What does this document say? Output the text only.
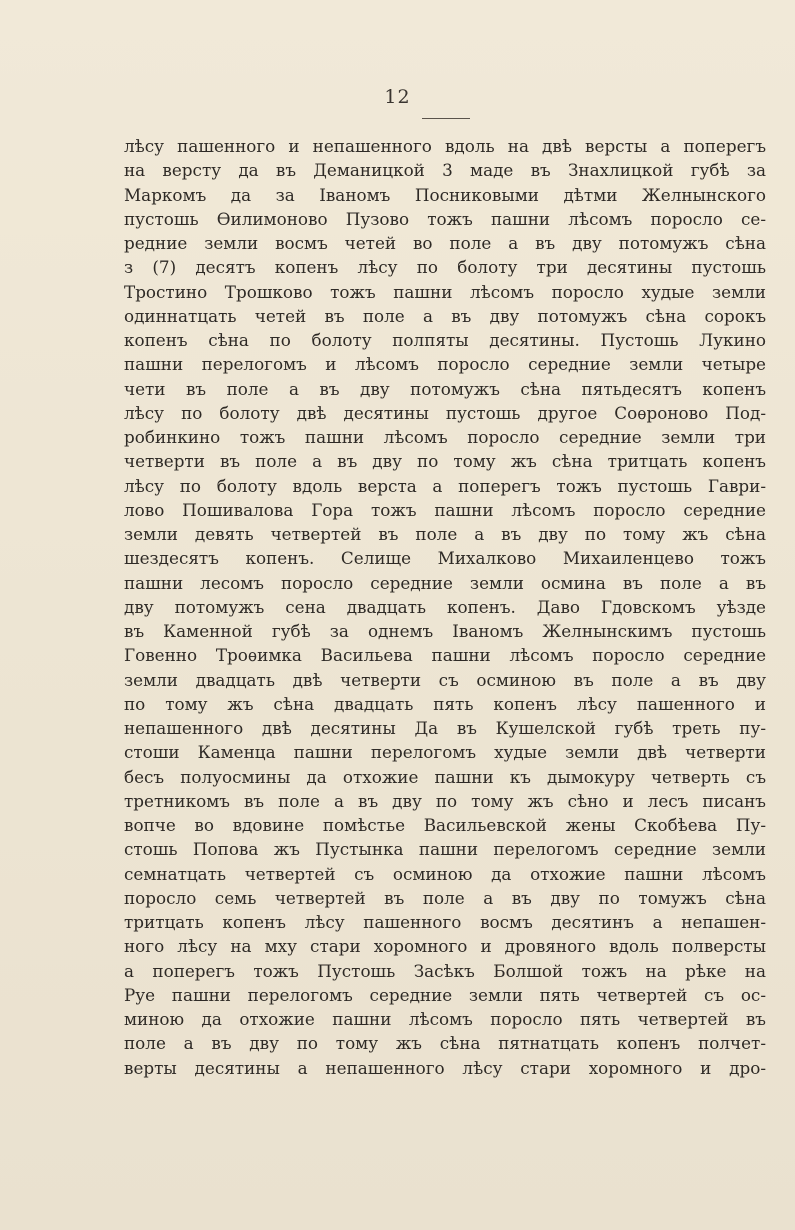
12
лѣсу пашенного и непашенного вдоль на двѣ версты а поперегъ
на версту да въ Деманицкой 3 маде въ Знахлицкой губѣ за
Маркомъ да за Іваномъ Посниковыми дѣтми Желнынского
пустошь Ѳилимоново Пузово тожъ пашни лѣсомъ поросло се-
редние земли восмъ четей во поле а въ дву потомужъ сѣна
з (7) десятъ копенъ лѣсу по болоту три десятины пустошь
Тростино Трошково тожъ пашни лѣсомъ поросло худые земли
одиннатцать четей въ поле а въ дву потомужъ сѣна сорокъ
копенъ сѣна по болоту полпяты десятины. Пустошь Лукино
пашни перелогомъ и лѣсомъ поросло середние земли четыре
чети въ поле а въ дву потомужъ сѣна пятьдесятъ копенъ
лѣсу по болоту двѣ десятины пустошь другое Соѳроново Под-
робинкино тожъ пашни лѣсомъ поросло середние земли три
четверти въ поле а въ дву по тому жъ сѣна тритцать копенъ
лѣсу по болоту вдоль верста а поперегъ тожъ пустошь Гаври-
лово Пошивалова Гора тожъ пашни лѣсомъ поросло середние
земли девять четвертей въ поле а въ дву по тому жъ сѣна
шездесятъ копенъ. Селище Михалково Михаиленцево тожъ
пашни лесомъ поросло середние земли осмина въ поле а въ
дву потомужъ сена двадцать копенъ. Даво Гдовскомъ уѣзде
въ Каменной губѣ за однемъ Іваномъ Желнынскимъ пустошь
Говенно Троѳимка Васильева пашни лѣсомъ поросло середние
земли двадцать двѣ четверти съ осминою въ поле а въ дву
по тому жъ сѣна двадцать пять копенъ лѣсу пашенного и
непашенного двѣ десятины Да въ Кушелской губѣ треть пу-
стоши Каменца пашни перелогомъ худые земли двѣ четверти
бесъ полуосмины да отхожие пашни къ дымокуру четверть съ
третникомъ въ поле а въ дву по тому жъ сѣно и лесъ писанъ
вопче во вдовине помѣстье Васильевской жены Скобѣева Пу-
стошь Попова жъ Пустынка пашни перелогомъ середние земли
семнатцать четвертей съ осминою да отхожие пашни лѣсомъ
поросло семь четвертей въ поле а въ дву по томужъ сѣна
тритцать копенъ лѣсу пашенного восмъ десятинъ а непашен-
ного лѣсу на мху стари хоромного и дровяного вдоль полверсты
а поперегъ тожъ Пустошь Засѣкъ Болшой тожъ на рѣке на
Руе пашни перелогомъ середние земли пять четвертей съ ос-
миною да отхожие пашни лѣсомъ поросло пять четвертей въ
поле а въ дву по тому жъ сѣна пятнатцать копенъ полчет-
верты десятины а непашенного лѣсу стари хоромного и дро-
